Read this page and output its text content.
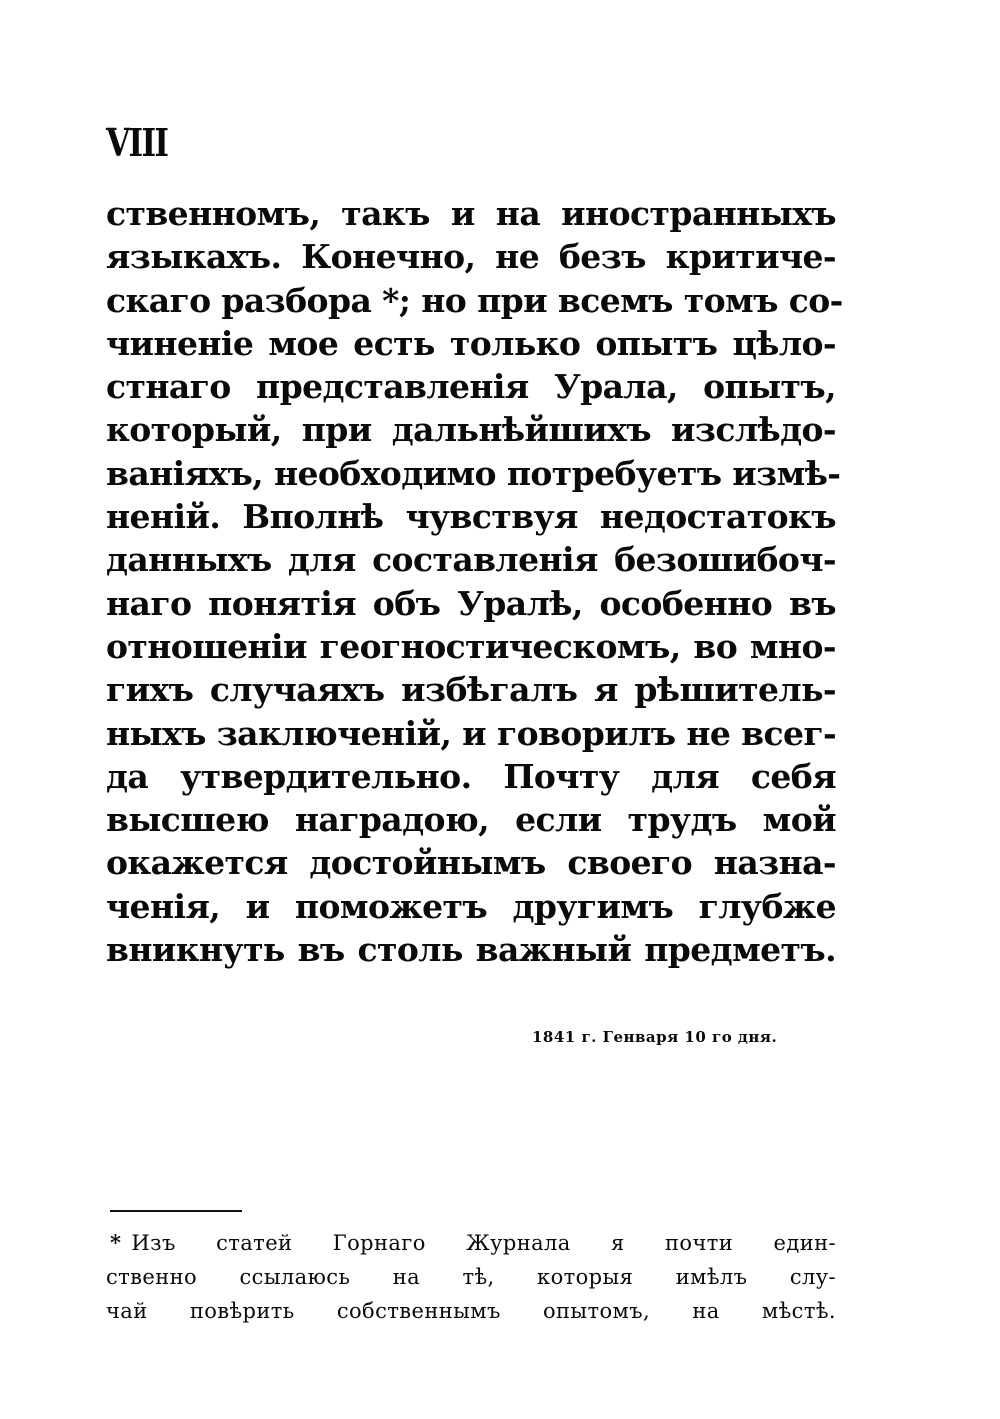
VIII
ственномъ, такъ и на иностранныхъ
языкахъ. Конечно, не безъ критиче-
скаго разбора *; но при всемъ томъ со-
чиненіе мое есть только опытъ цѣло-
стнаго представленія Урала, опытъ,
который, при дальнѣйшихъ изслѣдо-
ваніяхъ, необходимо потребуетъ измѣ-
неній. Вполнѣ чувствуя недостатокъ
данныхъ для составленія безошибоч-
наго понятія объ Уралѣ, особенно въ
отношеніи геогностическомъ, во мно-
гихъ случаяхъ избѣгалъ я рѣшитель-
ныхъ заключеній, и говорилъ не всег-
да утвердительно. Почту для себя
высшею наградою, если трудъ мой
окажется достойнымъ своего назна-
ченія, и поможетъ другимъ глубже
вникнуть въ столь важный предметъ.
1841 г. Генваря 10 го дня.
* Изъ статей Горнаго Журнала я почти един-
ственно ссылаюсь на тѣ, которыя имѣлъ слу-
чай повѣрить собственнымъ опытомъ, на мѣстѣ.
